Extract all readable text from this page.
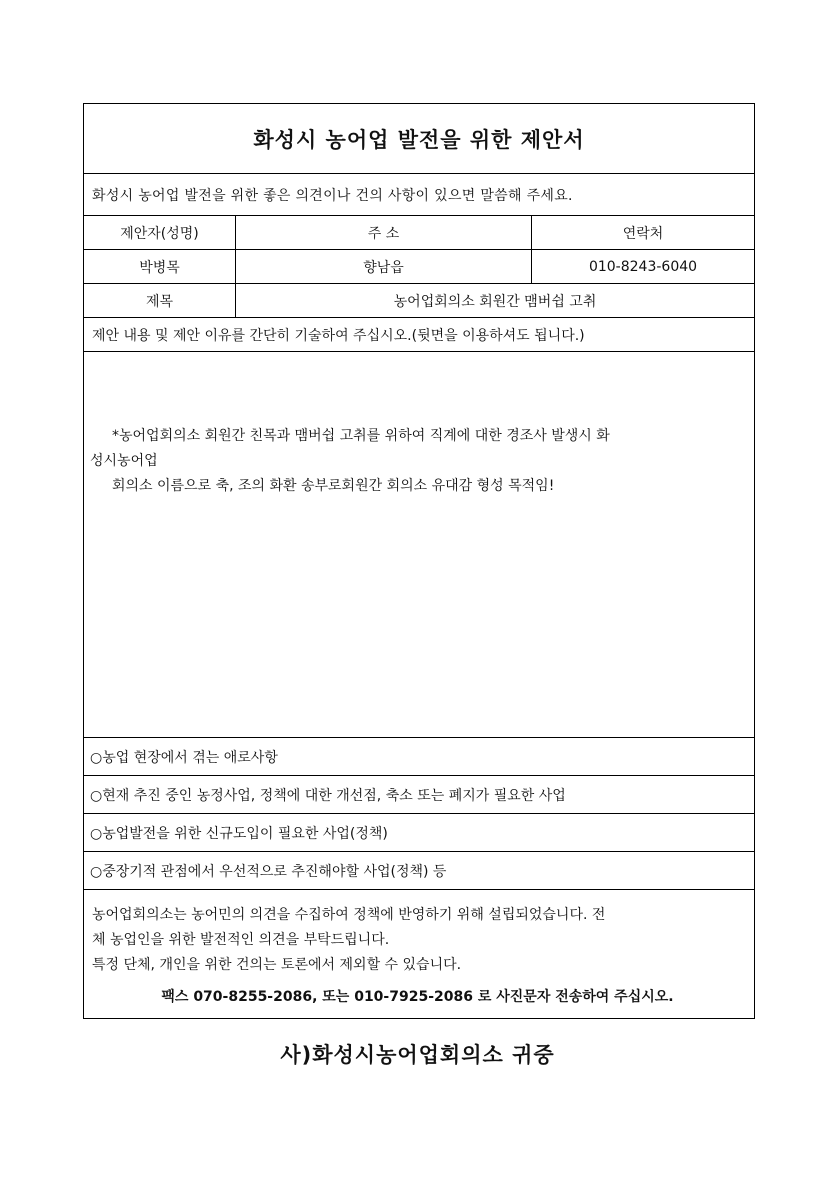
화성시 농어업 발전을 위한 제안서
화성시 농어업 발전을 위한 좋은 의견이나 건의 사항이 있으면 말씀해 주세요.
제안자(성명)	주 소	연락처
박병목	향남읍	010-8243-6040
제목	농어업회의소 회원간 맴버쉽 고취
제안 내용 및 제안 이유를 간단히 기술하여 주십시오.(뒷면을 이용하셔도 됩니다.)
*농어업회의소 회원간 친목과 맴버쉽 고취를 위하여 직계에 대한 경조사 발생시 화
성시농어업
회의소 이름으로 축, 조의 화환 송부로회원간 회의소 유대감 형성 목적임!
○농업 현장에서 겪는 애로사항
○현재 추진 중인 농정사업, 정책에 대한 개선점, 축소 또는 폐지가 필요한 사업
○농업발전을 위한 신규도입이 필요한 사업(정책)
○중장기적 관점에서 우선적으로 추진해야할 사업(정책) 등
농어업회의소는 농어민의 의견을 수집하여 정책에 반영하기 위해 설립되었습니다. 전
체 농업인을 위한 발전적인 의견을 부탁드립니다.
특정 단체, 개인을 위한 건의는 토론에서 제외할 수 있습니다.
팩스 070-8255-2086, 또는 010-7925-2086 로 사진문자 전송하여 주십시오.
사)화성시농어업회의소 귀중
